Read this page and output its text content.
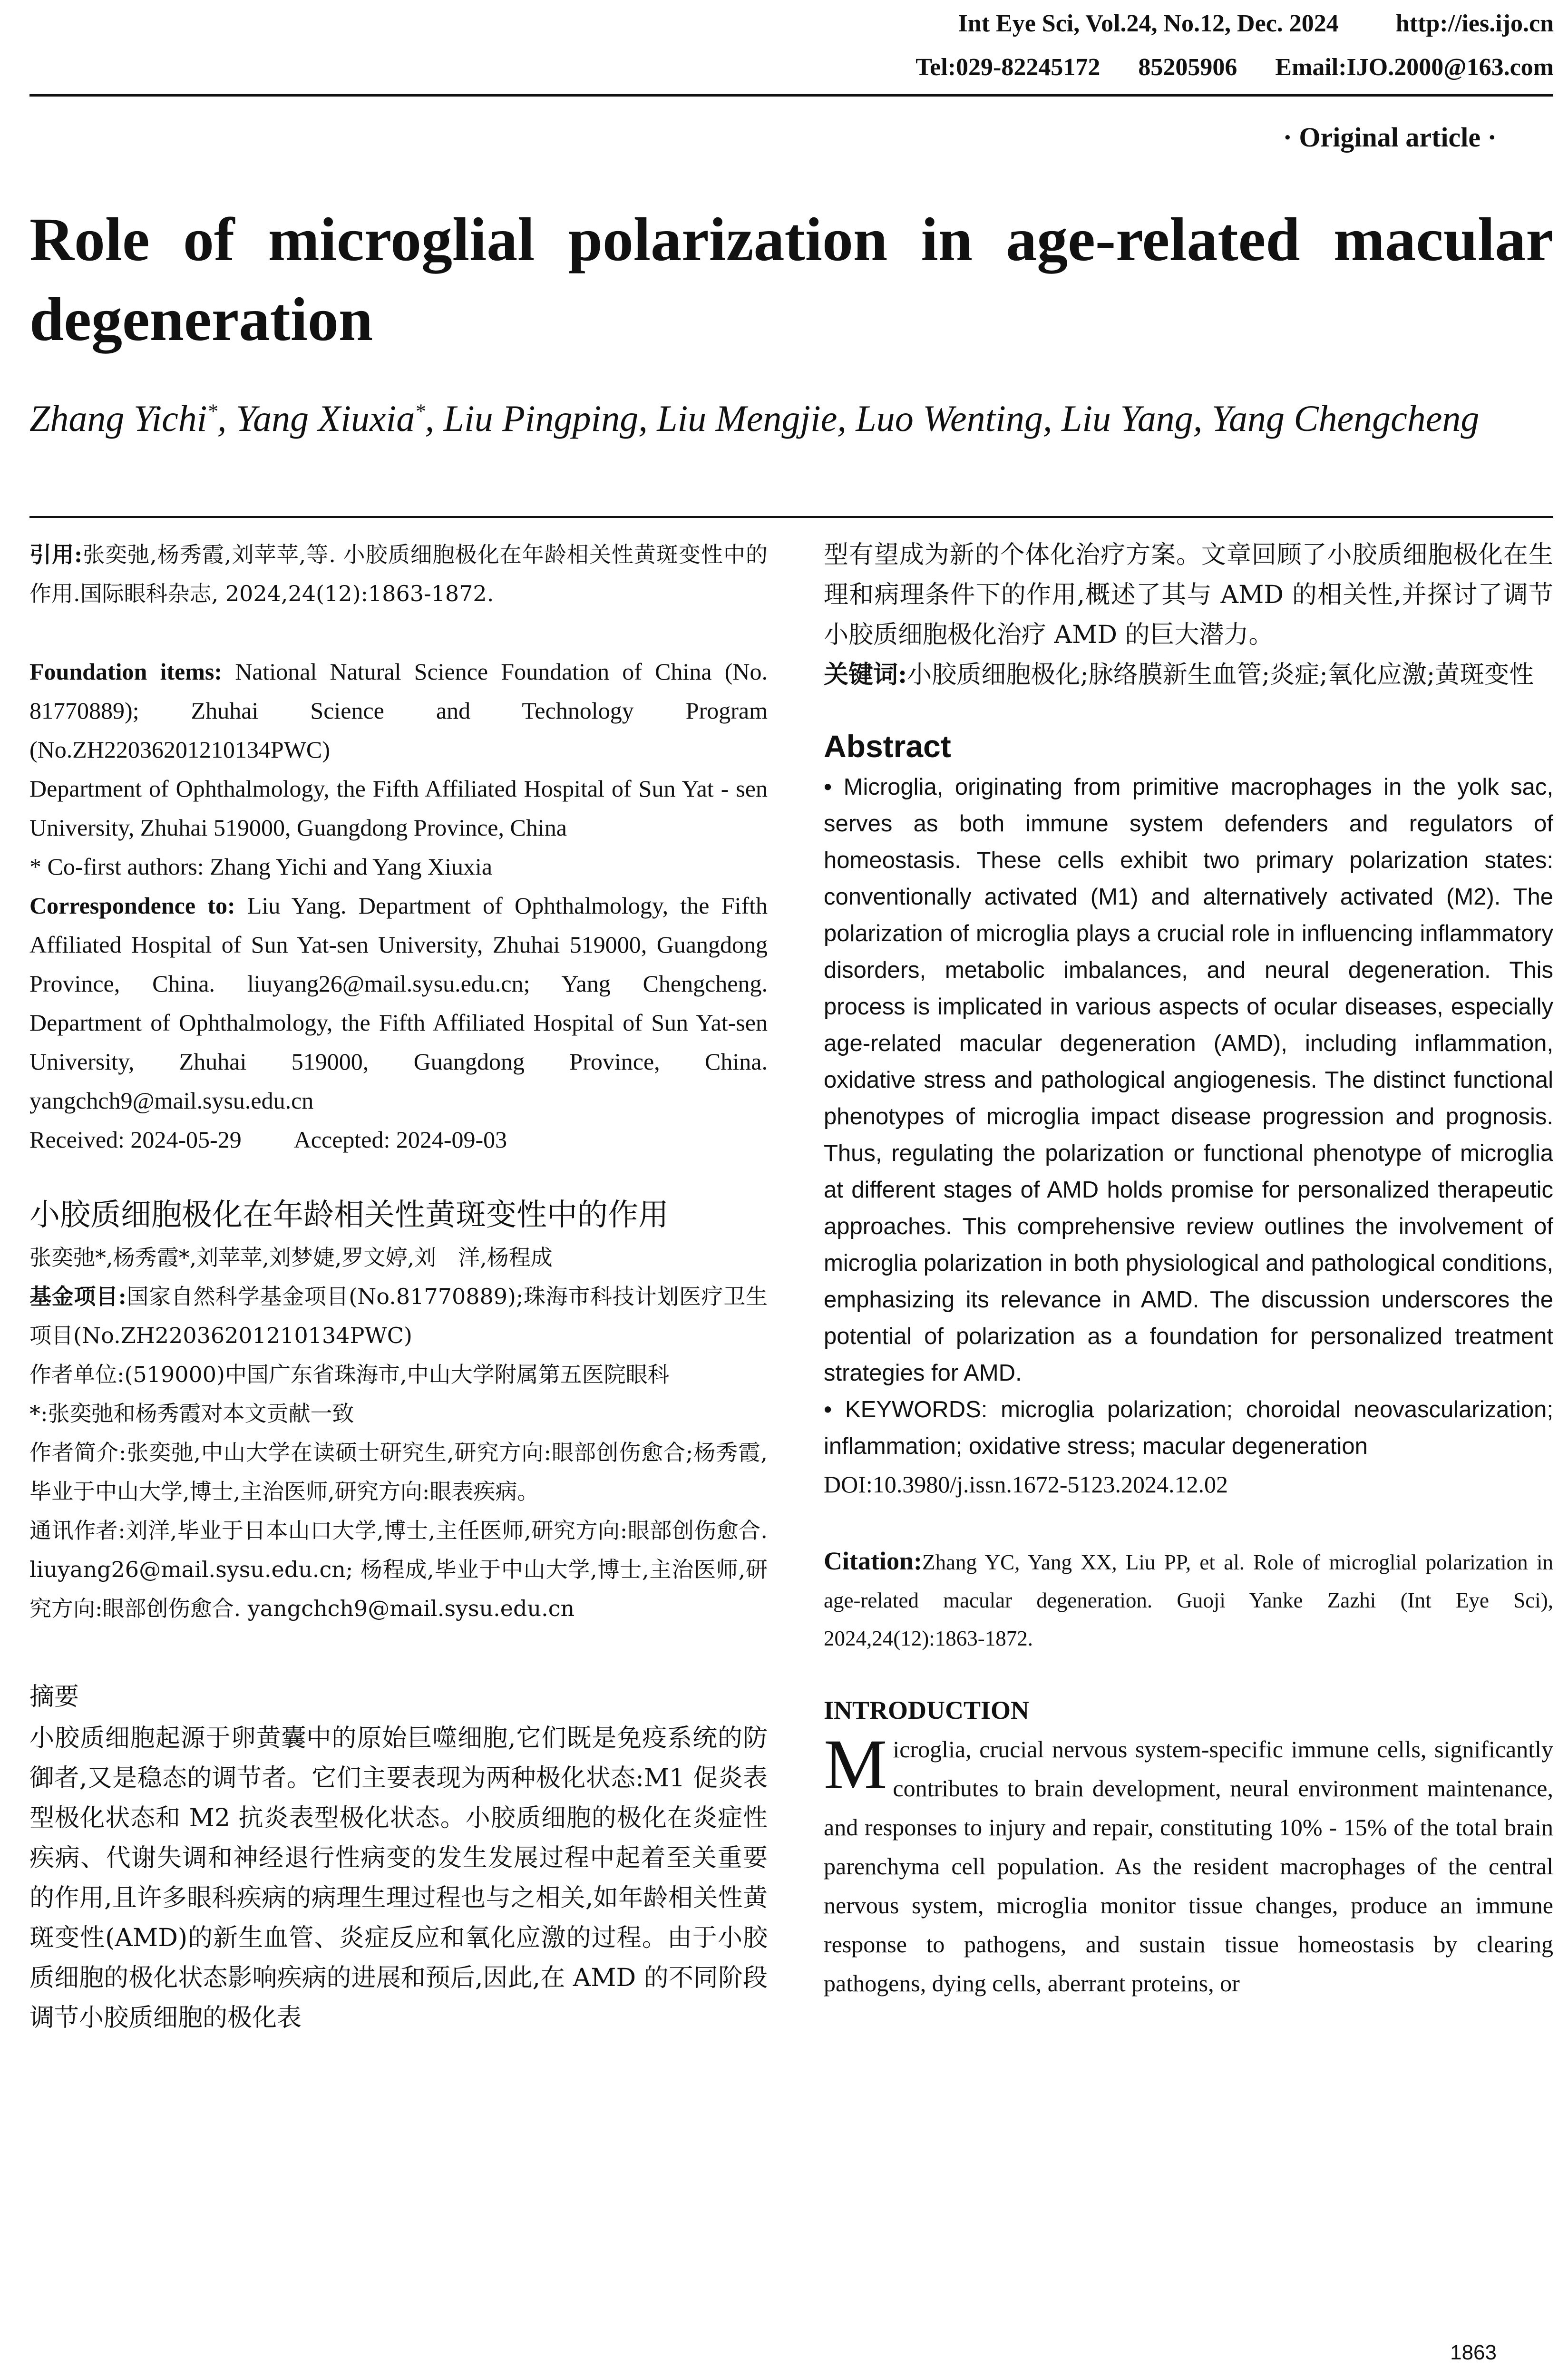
Int Eye Sci, Vol.24, No.12, Dec. 2024 http://ies.ijo.cn
Tel:029-82245172 85205906 Email:IJO.2000@163.com
· Original article ·
Role of microglial polarization in age-related macular degeneration

Zhang Yichi*, Yang Xiuxia*, Liu Pingping, Liu Mengjie, Luo Wenting, Liu Yang, Yang Chengcheng

引用:张奕弛,杨秀霞,刘苹苹,等. 小胶质细胞极化在年龄相关性黄斑变性中的作用.国际眼科杂志, 2024,24(12):1863-1872.

Foundation items: National Natural Science Foundation of China (No. 81770889); Zhuhai Science and Technology Program (No.ZH22036201210134PWC)

Department of Ophthalmology, the Fifth Affiliated Hospital of Sun Yat - sen University, Zhuhai 519000, Guangdong Province, China

* Co-first authors: Zhang Yichi and Yang Xiuxia

Correspondence to: Liu Yang. Department of Ophthalmology, the Fifth Affiliated Hospital of Sun Yat-sen University, Zhuhai 519000, Guangdong Province, China. liuyang26@mail.sysu.edu.cn; Yang Chengcheng. Department of Ophthalmology, the Fifth Affiliated Hospital of Sun Yat-sen University, Zhuhai 519000, Guangdong Province, China. yangchch9@mail.sysu.edu.cn

Received: 2024-05-29 Accepted: 2024-09-03

小胶质细胞极化在年龄相关性黄斑变性中的作用

张奕弛*,杨秀霞*,刘苹苹,刘梦婕,罗文婷,刘　洋,杨程成

基金项目:国家自然科学基金项目(No.81770889);珠海市科技计划医疗卫生项目(No.ZH22036201210134PWC)

作者单位:(519000)中国广东省珠海市,中山大学附属第五医院眼科

*:张奕弛和杨秀霞对本文贡献一致

作者简介:张奕弛,中山大学在读硕士研究生,研究方向:眼部创伤愈合;杨秀霞,毕业于中山大学,博士,主治医师,研究方向:眼表疾病。

通讯作者:刘洋,毕业于日本山口大学,博士,主任医师,研究方向:眼部创伤愈合. liuyang26@mail.sysu.edu.cn; 杨程成,毕业于中山大学,博士,主治医师,研究方向:眼部创伤愈合. yangchch9@mail.sysu.edu.cn

摘要

小胶质细胞起源于卵黄囊中的原始巨噬细胞,它们既是免疫系统的防御者,又是稳态的调节者。它们主要表现为两种极化状态:M1 促炎表型极化状态和 M2 抗炎表型极化状态。小胶质细胞的极化在炎症性疾病、代谢失调和神经退行性病变的发生发展过程中起着至关重要的作用,且许多眼科疾病的病理生理过程也与之相关,如年龄相关性黄斑变性(AMD)的新生血管、炎症反应和氧化应激的过程。由于小胶质细胞的极化状态影响疾病的进展和预后,因此,在 AMD 的不同阶段调节小胶质细胞的极化表

型有望成为新的个体化治疗方案。文章回顾了小胶质细胞极化在生理和病理条件下的作用,概述了其与 AMD 的相关性,并探讨了调节小胶质细胞极化治疗 AMD 的巨大潜力。

关键词:小胶质细胞极化;脉络膜新生血管;炎症;氧化应激;黄斑变性

Abstract

• Microglia, originating from primitive macrophages in the yolk sac, serves as both immune system defenders and regulators of homeostasis. These cells exhibit two primary polarization states: conventionally activated (M1) and alternatively activated (M2). The polarization of microglia plays a crucial role in influencing inflammatory disorders, metabolic imbalances, and neural degeneration. This process is implicated in various aspects of ocular diseases, especially age-related macular degeneration (AMD), including inflammation, oxidative stress and pathological angiogenesis. The distinct functional phenotypes of microglia impact disease progression and prognosis. Thus, regulating the polarization or functional phenotype of microglia at different stages of AMD holds promise for personalized therapeutic approaches. This comprehensive review outlines the involvement of microglia polarization in both physiological and pathological conditions, emphasizing its relevance in AMD. The discussion underscores the potential of polarization as a foundation for personalized treatment strategies for AMD.

• KEYWORDS: microglia polarization; choroidal neovascularization; inflammation; oxidative stress; macular degeneration

DOI:10.3980/j.issn.1672-5123.2024.12.02

Citation:Zhang YC, Yang XX, Liu PP, et al. Role of microglial polarization in age-related macular degeneration. Guoji Yanke Zazhi (Int Eye Sci), 2024,24(12):1863-1872.

INTRODUCTION

Microglia, crucial nervous system-specific immune cells, significantly contributes to brain development, neural environment maintenance, and responses to injury and repair, constituting 10% - 15% of the total brain parenchyma cell population. As the resident macrophages of the central nervous system, microglia monitor tissue changes, produce an immune response to pathogens, and sustain tissue homeostasis by clearing pathogens, dying cells, aberrant proteins, or

1863
